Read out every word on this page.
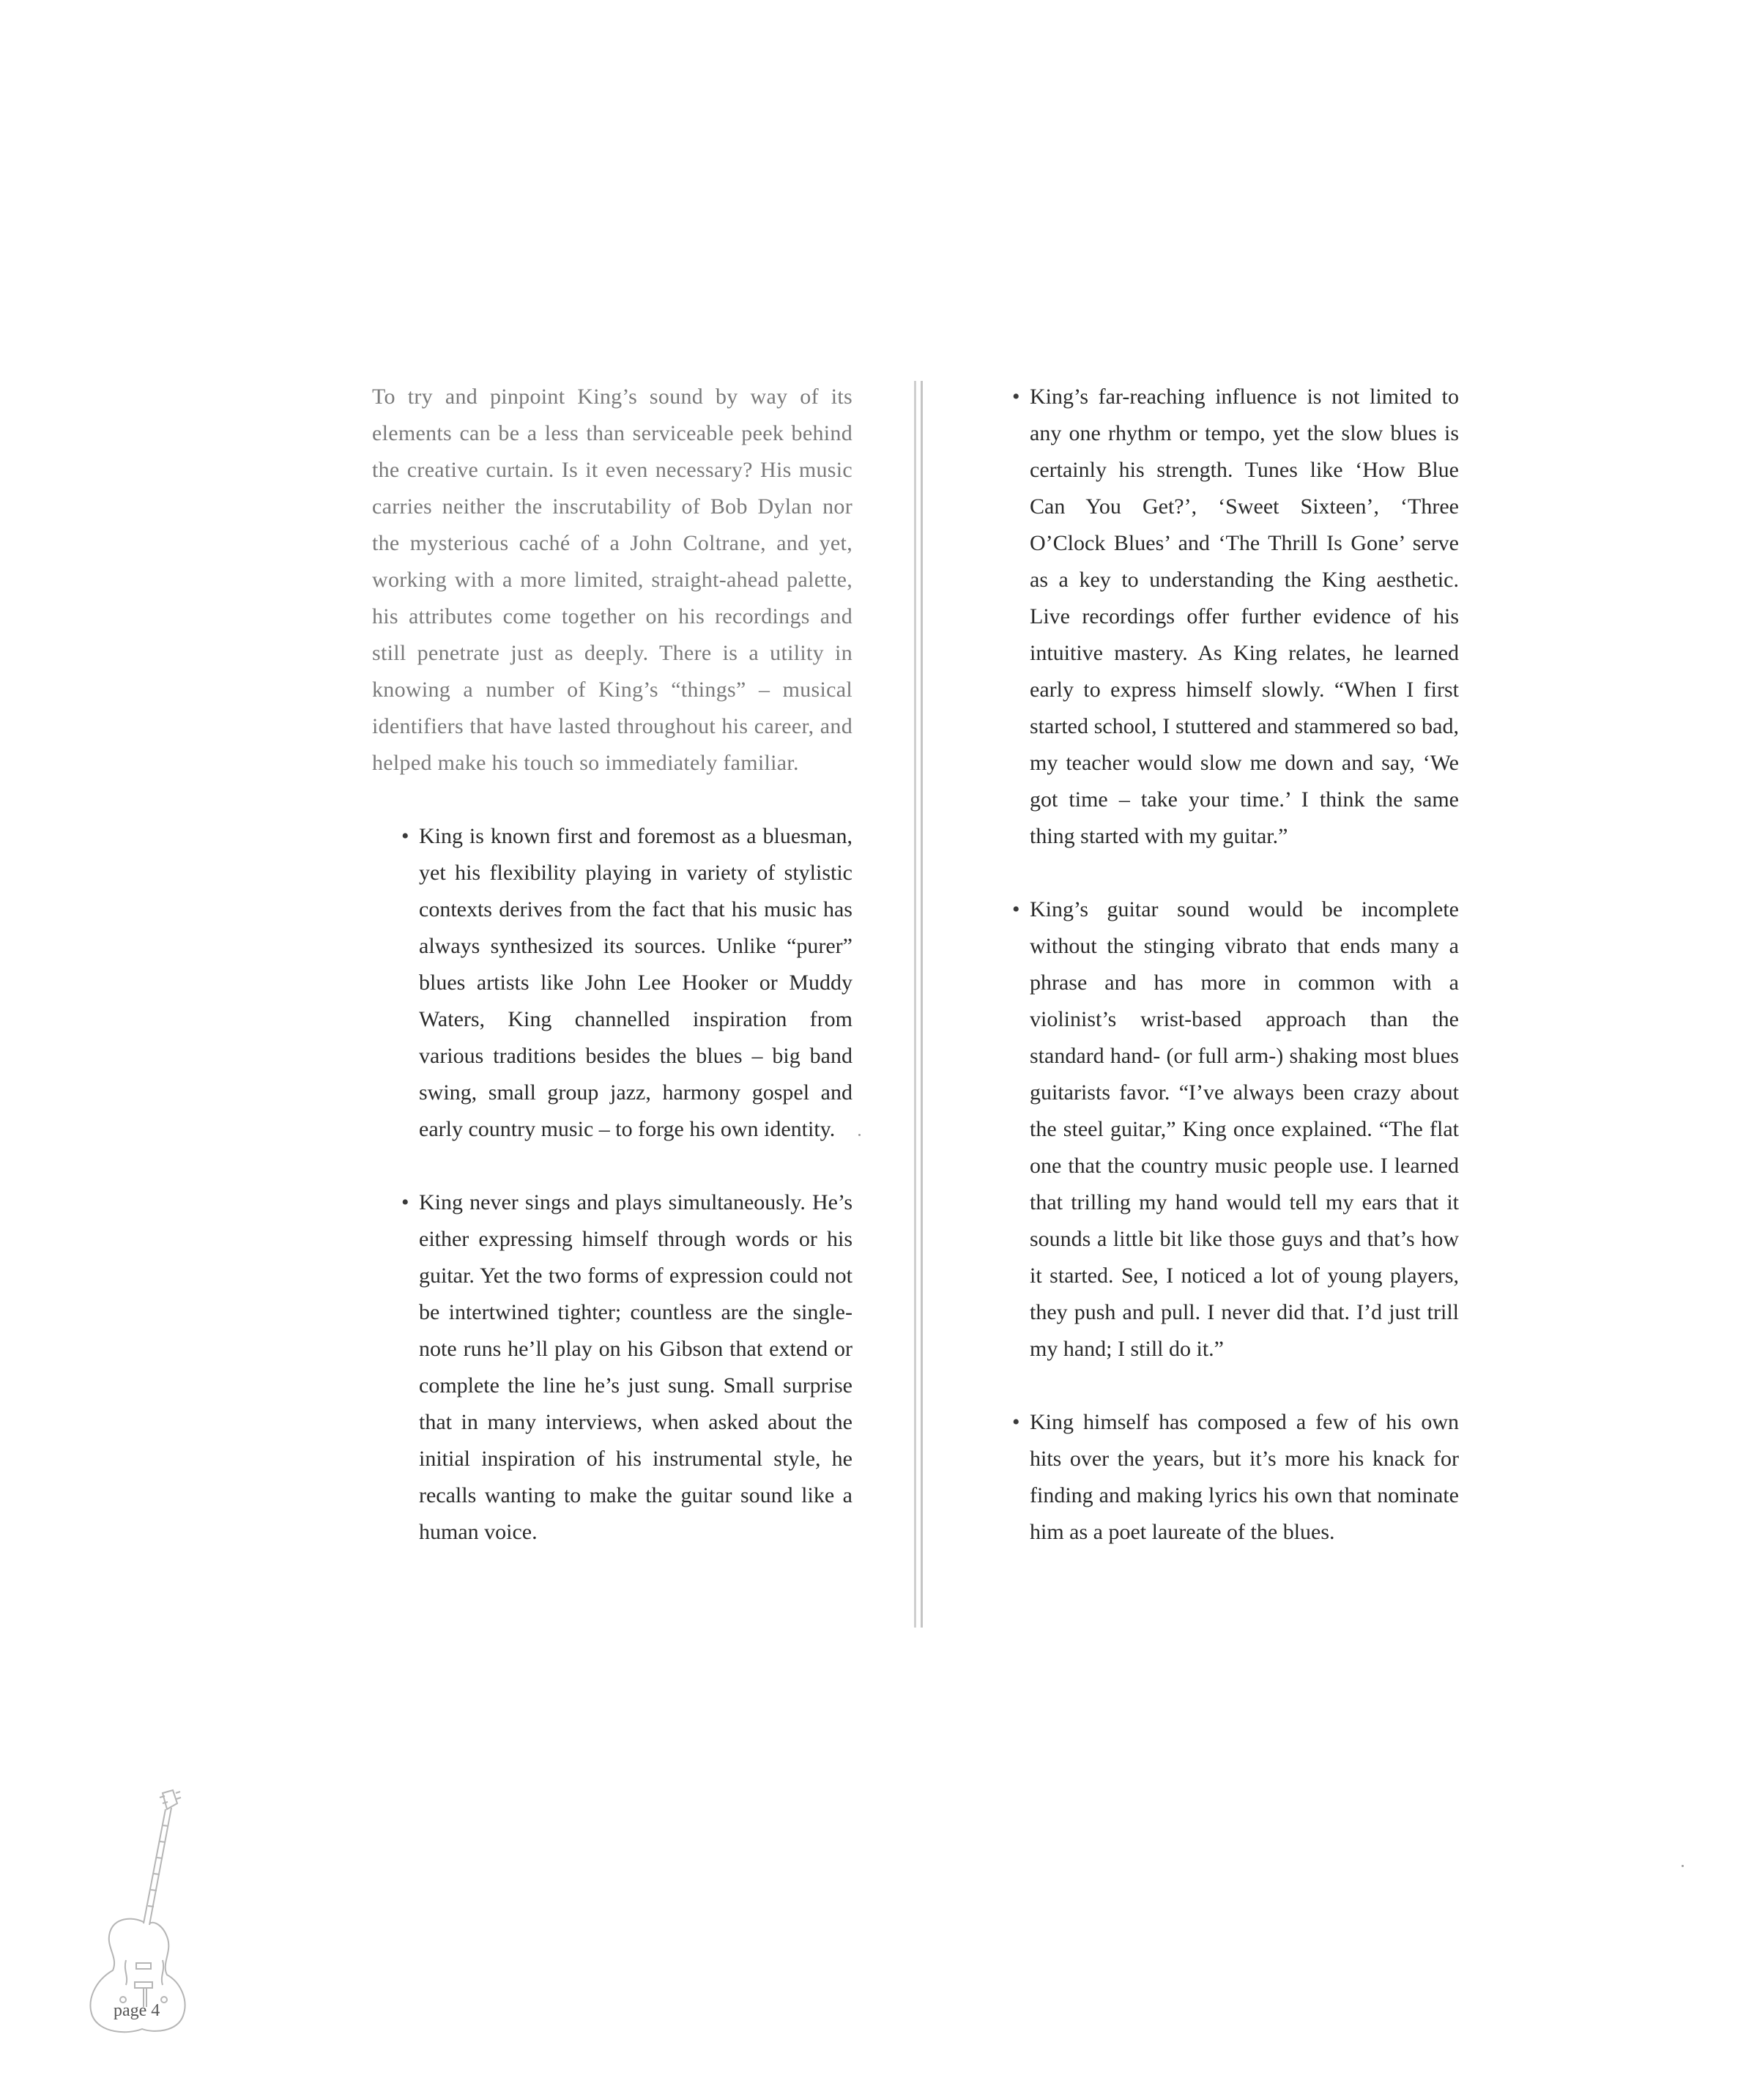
To try and pinpoint King’s sound by way of its elements can be a less than serviceable peek behind the creative curtain. Is it even necessary? His music carries neither the inscrutability of Bob Dylan nor the mysterious caché of a John Coltrane, and yet, working with a more limited, straight-ahead palette, his attributes come together on his recordings and still penetrate just as deeply. There is a utility in knowing a number of King’s “things” – musical identifiers that have lasted throughout his career, and helped make his touch so immediately familiar.

• King is known first and foremost as a bluesman, yet his flexibility playing in variety of stylistic contexts derives from the fact that his music has always synthesized its sources. Unlike “purer” blues artists like John Lee Hooker or Muddy Waters, King channelled inspiration from various traditions besides the blues – big band swing, small group jazz, harmony gospel and early country music – to forge his own identity.

• King never sings and plays simultaneously. He’s either expressing himself through words or his guitar. Yet the two forms of expression could not be intertwined tighter; countless are the single-note runs he’ll play on his Gibson that extend or complete the line he’s just sung. Small surprise that in many interviews, when asked about the initial inspiration of his instrumental style, he recalls wanting to make the guitar sound like a human voice.

• King’s far-reaching influence is not limited to any one rhythm or tempo, yet the slow blues is certainly his strength. Tunes like ‘How Blue Can You Get?’, ‘Sweet Sixteen’, ‘Three O’Clock Blues’ and ‘The Thrill Is Gone’ serve as a key to understanding the King aesthetic. Live recordings offer further evidence of his intuitive mastery. As King relates, he learned early to express himself slowly. “When I first started school, I stuttered and stammered so bad, my teacher would slow me down and say, ‘We got time – take your time.’ I think the same thing started with my guitar.”

• King’s guitar sound would be incomplete without the stinging vibrato that ends many a phrase and has more in common with a violinist’s wrist-based approach than the standard hand- (or full arm-) shaking most blues guitarists favor. “I’ve always been crazy about the steel guitar,” King once explained. “The flat one that the country music people use. I learned that trilling my hand would tell my ears that it sounds a little bit like those guys and that’s how it started. See, I noticed a lot of young players, they push and pull. I never did that. I’d just trill my hand; I still do it.”

• King himself has composed a few of his own hits over the years, but it’s more his knack for finding and making lyrics his own that nominate him as a poet laureate of the blues.

page 4
